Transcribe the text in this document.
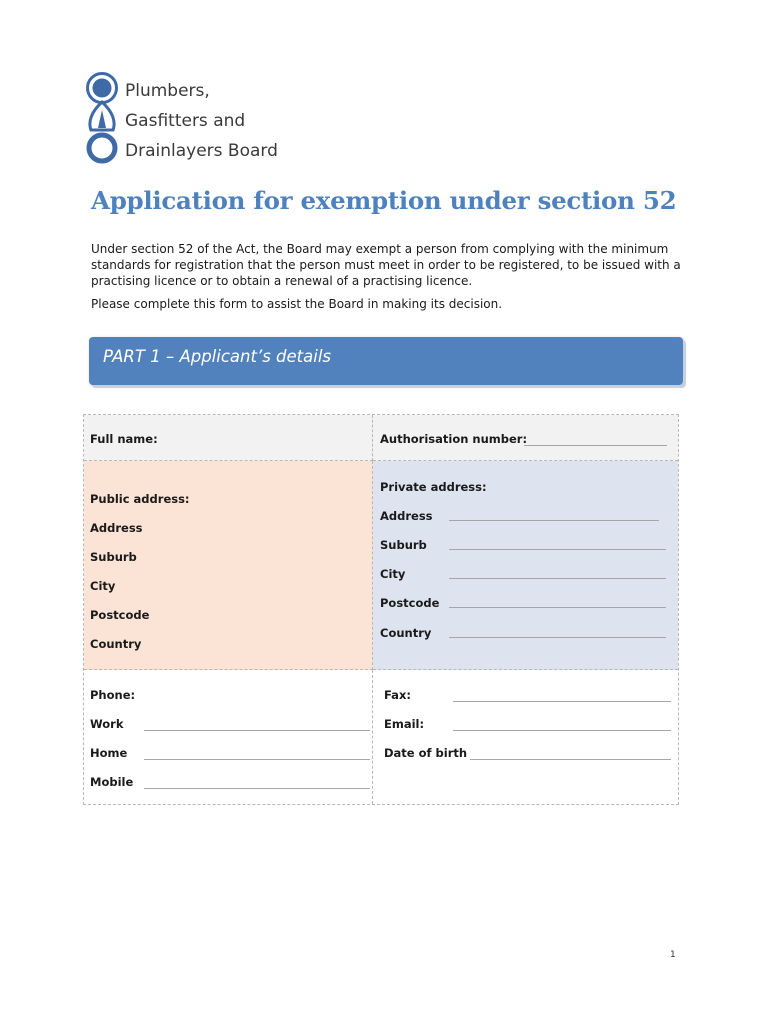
Plumbers,
Gasfitters and
Drainlayers Board
Application for exemption under section 52

Under section 52 of the Act, the Board may exempt a person from complying with the minimum standards for registration that the person must meet in order to be registered, to be issued with a practising licence or to obtain a renewal of a practising licence.

Please complete this form to assist the Board in making its decision.

PART 1 – Applicant’s details
Full name:	Authorisation number:
Public address:
Address
Suburb
City
Postcode
Country
Private address:
Address
Suburb
City
Postcode
Country
Phone:
Work
Home
Mobile
Fax:
Email:
Date of birth
1
